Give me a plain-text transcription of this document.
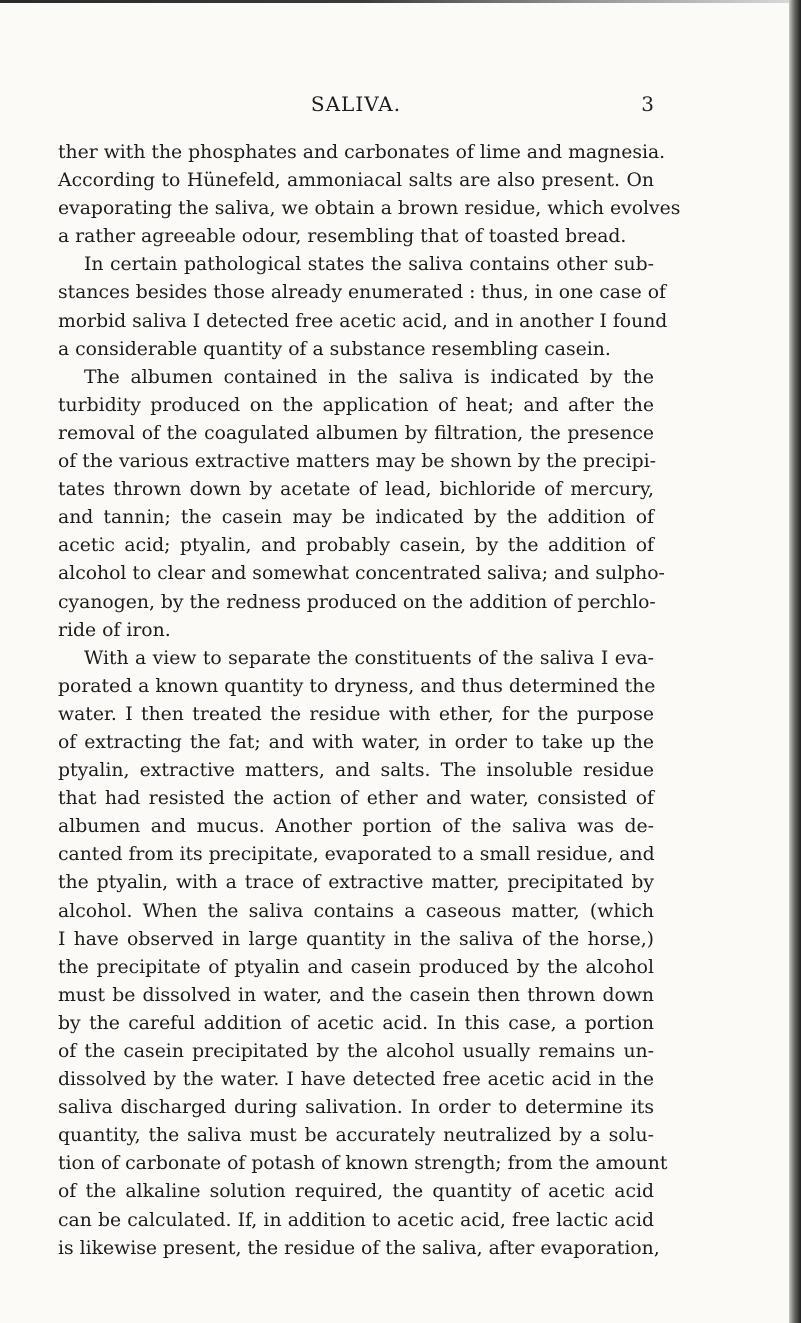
SALIVA.	3
ther with the phosphates and carbonates of lime and magnesia.
According to Hünefeld, ammoniacal salts are also present. On
evaporating the saliva, we obtain a brown residue, which evolves
a rather agreeable odour, resembling that of toasted bread.
In certain pathological states the saliva contains other sub-
stances besides those already enumerated : thus, in one case of
morbid saliva I detected free acetic acid, and in another I found
a considerable quantity of a substance resembling casein.
The albumen contained in the saliva is indicated by the
turbidity produced on the application of heat; and after the
removal of the coagulated albumen by filtration, the presence
of the various extractive matters may be shown by the precipi-
tates thrown down by acetate of lead, bichloride of mercury,
and tannin; the casein may be indicated by the addition of
acetic acid; ptyalin, and probably casein, by the addition of
alcohol to clear and somewhat concentrated saliva; and sulpho-
cyanogen, by the redness produced on the addition of perchlo-
ride of iron.
With a view to separate the constituents of the saliva I eva-
porated a known quantity to dryness, and thus determined the
water. I then treated the residue with ether, for the purpose
of extracting the fat; and with water, in order to take up the
ptyalin, extractive matters, and salts. The insoluble residue
that had resisted the action of ether and water, consisted of
albumen and mucus. Another portion of the saliva was de-
canted from its precipitate, evaporated to a small residue, and
the ptyalin, with a trace of extractive matter, precipitated by
alcohol. When the saliva contains a caseous matter, (which
I have observed in large quantity in the saliva of the horse,)
the precipitate of ptyalin and casein produced by the alcohol
must be dissolved in water, and the casein then thrown down
by the careful addition of acetic acid. In this case, a portion
of the casein precipitated by the alcohol usually remains un-
dissolved by the water. I have detected free acetic acid in the
saliva discharged during salivation. In order to determine its
quantity, the saliva must be accurately neutralized by a solu-
tion of carbonate of potash of known strength; from the amount
of the alkaline solution required, the quantity of acetic acid
can be calculated. If, in addition to acetic acid, free lactic acid
is likewise present, the residue of the saliva, after evaporation,
